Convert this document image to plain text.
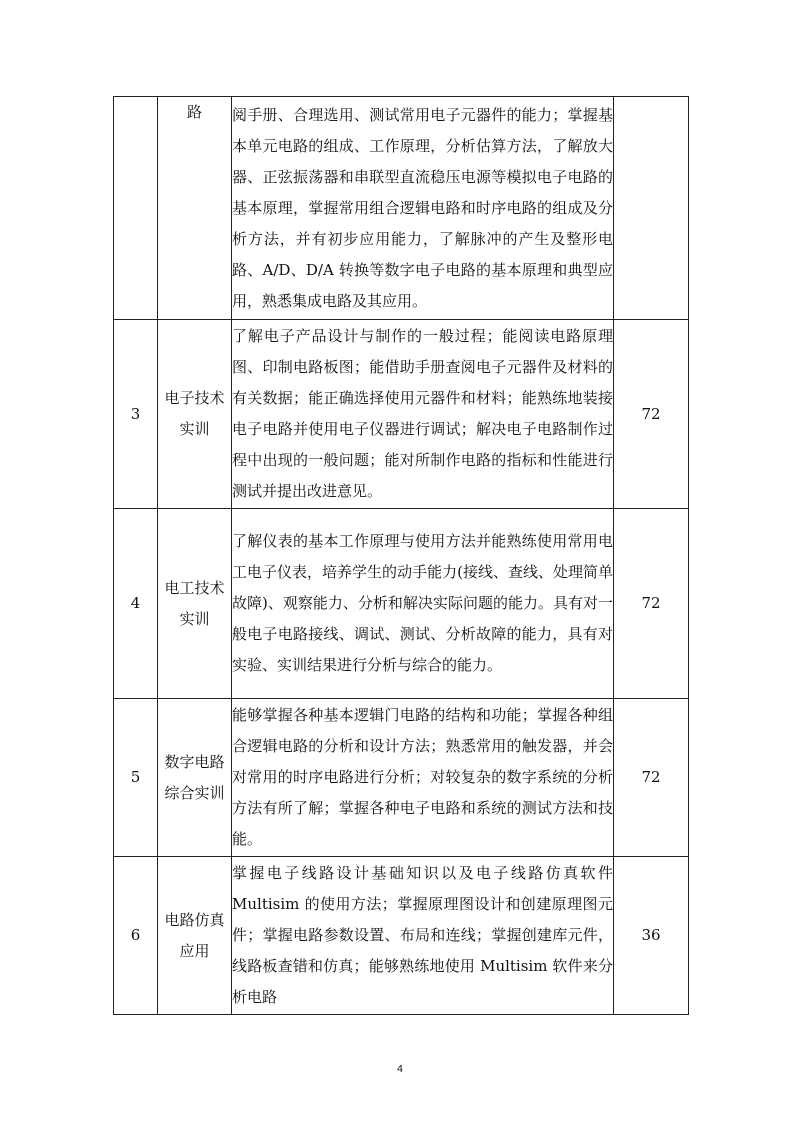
	路	阅手册、合理选用、测试常用电子元器件的能力；掌握基本单元电路的组成、工作原理，分析估算方法，了解放大器、正弦振荡器和串联型直流稳压电源等模拟电子电路的基本原理，掌握常用组合逻辑电路和时序电路的组成及分析方法，并有初步应用能力，了解脉冲的产生及整形电路、A/D、D/A 转换等数字电子电路的基本原理和典型应用，熟悉集成电路及其应用。	
3	电子技术实训	了解电子产品设计与制作的一般过程；能阅读电路原理图、印制电路板图；能借助手册查阅电子元器件及材料的有关数据；能正确选择使用元器件和材料；能熟练地装接电子电路并使用电子仪器进行调试；解决电子电路制作过程中出现的一般问题；能对所制作电路的指标和性能进行测试并提出改进意见。	72
4	电工技术实训	了解仪表的基本工作原理与使用方法并能熟练使用常用电工电子仪表，培养学生的动手能力(接线、查线、处理简单故障)、观察能力、分析和解决实际问题的能力。具有对一般电子电路接线、调试、测试、分析故障的能力，具有对实验、实训结果进行分析与综合的能力。	72
5	数字电路综合实训	能够掌握各种基本逻辑门电路的结构和功能；掌握各种组合逻辑电路的分析和设计方法；熟悉常用的触发器，并会对常用的时序电路进行分析；对较复杂的数字系统的分析方法有所了解；掌握各种电子电路和系统的测试方法和技能。	72
6	电路仿真应用	掌握电子线路设计基础知识以及电子线路仿真软件 Multisim 的使用方法；掌握原理图设计和创建原理图元件；掌握电路参数设置、布局和连线；掌握创建库元件，线路板查错和仿真；能够熟练地使用 Multisim 软件来分析电路	36
4
